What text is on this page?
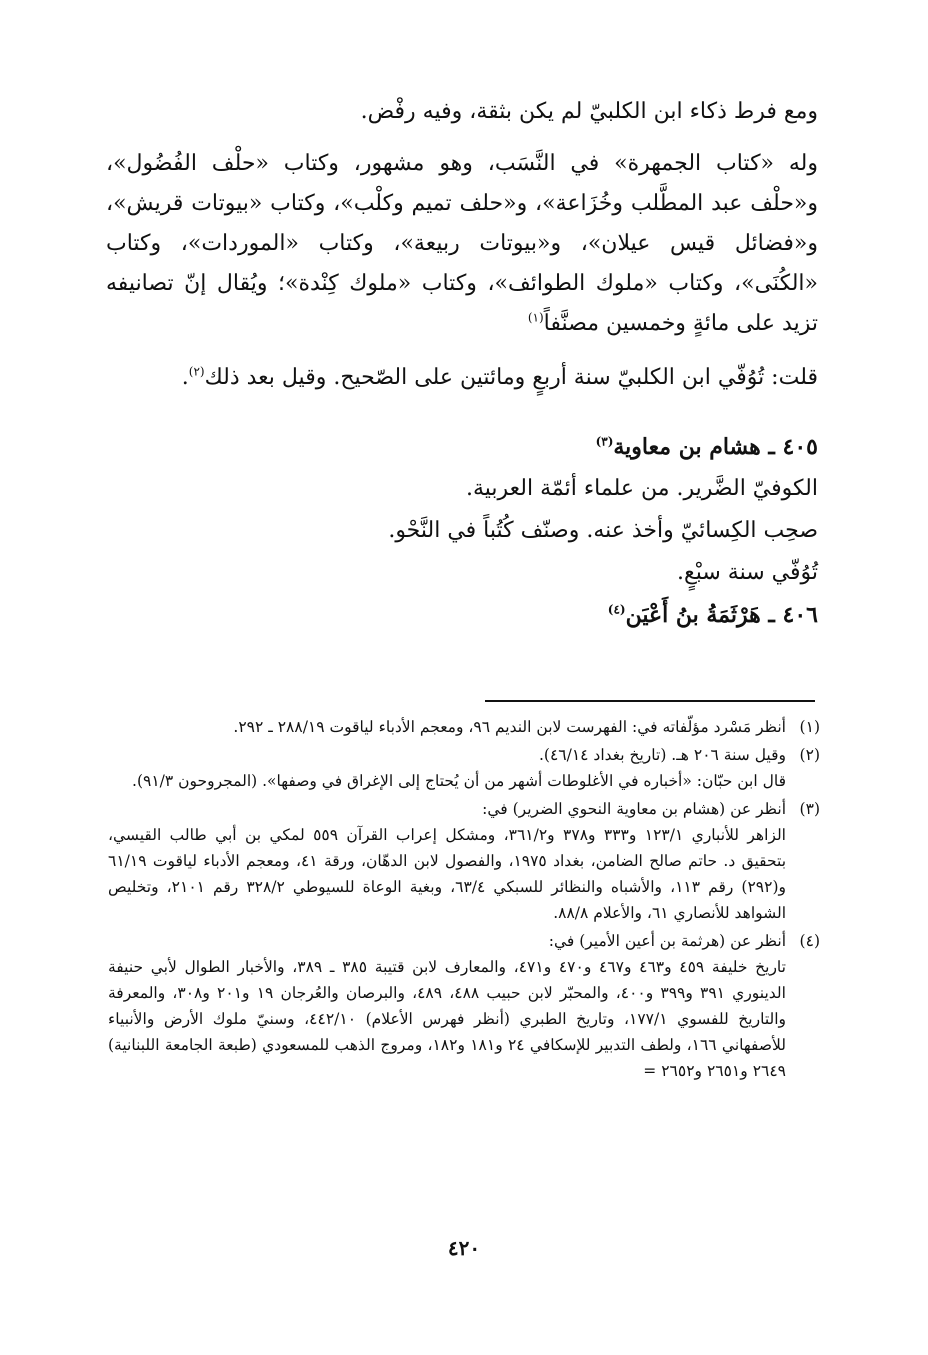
ومع فرط ذكاء ابن الكلبيّ لم يكن بثقة، وفيه رفْض.

وله «كتاب الجمهرة» في النَّسَب، وهو مشهور، وكتاب «حلْف الفُضُول»، و«حلْف عبد المطَّلب وخُزَاعة»، و«حلف تميم وكلْب»، وكتاب «بيوتات قريش»، و«فضائل قيس عيلان»، و«بيوتات ربيعة»، وكتاب «الموردات»، وكتاب «الكُنَى»، وكتاب «ملوك الطوائف»، وكتاب «ملوك كِنْدة»؛ ويُقال إنّ تصانيفه تزيد على مائةٍ وخمسين مصنَّفاً$^{(١)}$

قلت: تُوُفّي ابن الكلبيّ سنة أربعٍ ومائتين على الصّحيح. وقيل بعد ذلك$^{(٢)}$.

٤٠٥ ـ هشام بن معاوية$^{(٣)}$
الكوفيّ الضَّرير. من علماء أئمّة العربية.
صحِب الكِسائيّ وأخذ عنه. وصنّف كُتُباً في النَّحْو.
تُوُفّي سنة سبْعٍ.
٤٠٦ ـ هَرْثَمَةُ بنُ أَعْيَن$^{(٤)}$
(١)
أنظر مَسْرد مؤلّفاته في: الفهرست لابن النديم ٩٦، ومعجم الأدباء لياقوت ٢٨٨/١٩ ـ ٢٩٢.
(٢)
وقيل سنة ٢٠٦ هـ. (تاريخ بغداد ٤٦/١٤).
قال ابن حبّان: «أخباره في الأغلوطات أشهر من أن يُحتاج إلى الإغراق في وصفها». (المجروحون ٩١/٣).
(٣)
أنظر عن (هشام بن معاوية النحوي الضرير) في:
الزاهر للأنباري ١٢٣/١ و٣٣٣ و٣٧٨ و٣٦١/٢، ومشكل إعراب القرآن ٥٥٩ لمكي بن أبي طالب القيسي، بتحقيق د. حاتم صالح الضامن، بغداد ١٩٧٥، والفصول لابن الدهّان، ورقة ٤١، ومعجم الأدباء لياقوت ٦١/١٩ و(٢٩٢) رقم ١١٣، والأشباه والنظائر للسبكي ٦٣/٤، وبغية الوعاة للسيوطي ٣٢٨/٢ رقم ٢١٠١، وتخليص الشواهد للأنصاري ٦١، والأعلام ٨٨/٨.
(٤)
أنظر عن (هرثمة بن أعين الأمير) في:
تاريخ خليفة ٤٥٩ و٤٦٣ و٤٦٧ و٤٧٠ و٤٧١، والمعارف لابن قتيبة ٣٨٥ ـ ٣٨٩، والأخبار الطوال لأبي حنيفة الدينوري ٣٩١ و٣٩٩ و٤٠٠، والمحبّر لابن حبيب ٤٨٨، ٤٨٩، والبرصان والعُرجان ١٩ و٢٠١ و٣٠٨، والمعرفة والتاريخ للفسوي ١٧٧/١، وتاريخ الطبري (أنظر فهرس الأعلام) ٤٤٢/١٠، وسنيّ ملوك الأرض والأنبياء للأصفهاني ١٦٦، ولطف التدبير للإسكافي ٢٤ و١٨١ و١٨٢، ومروج الذهب للمسعودي (طبعة الجامعة اللبنانية) ٢٦٤٩ و٢٦٥١ و٢٦٥٢ =
٤٢٠
